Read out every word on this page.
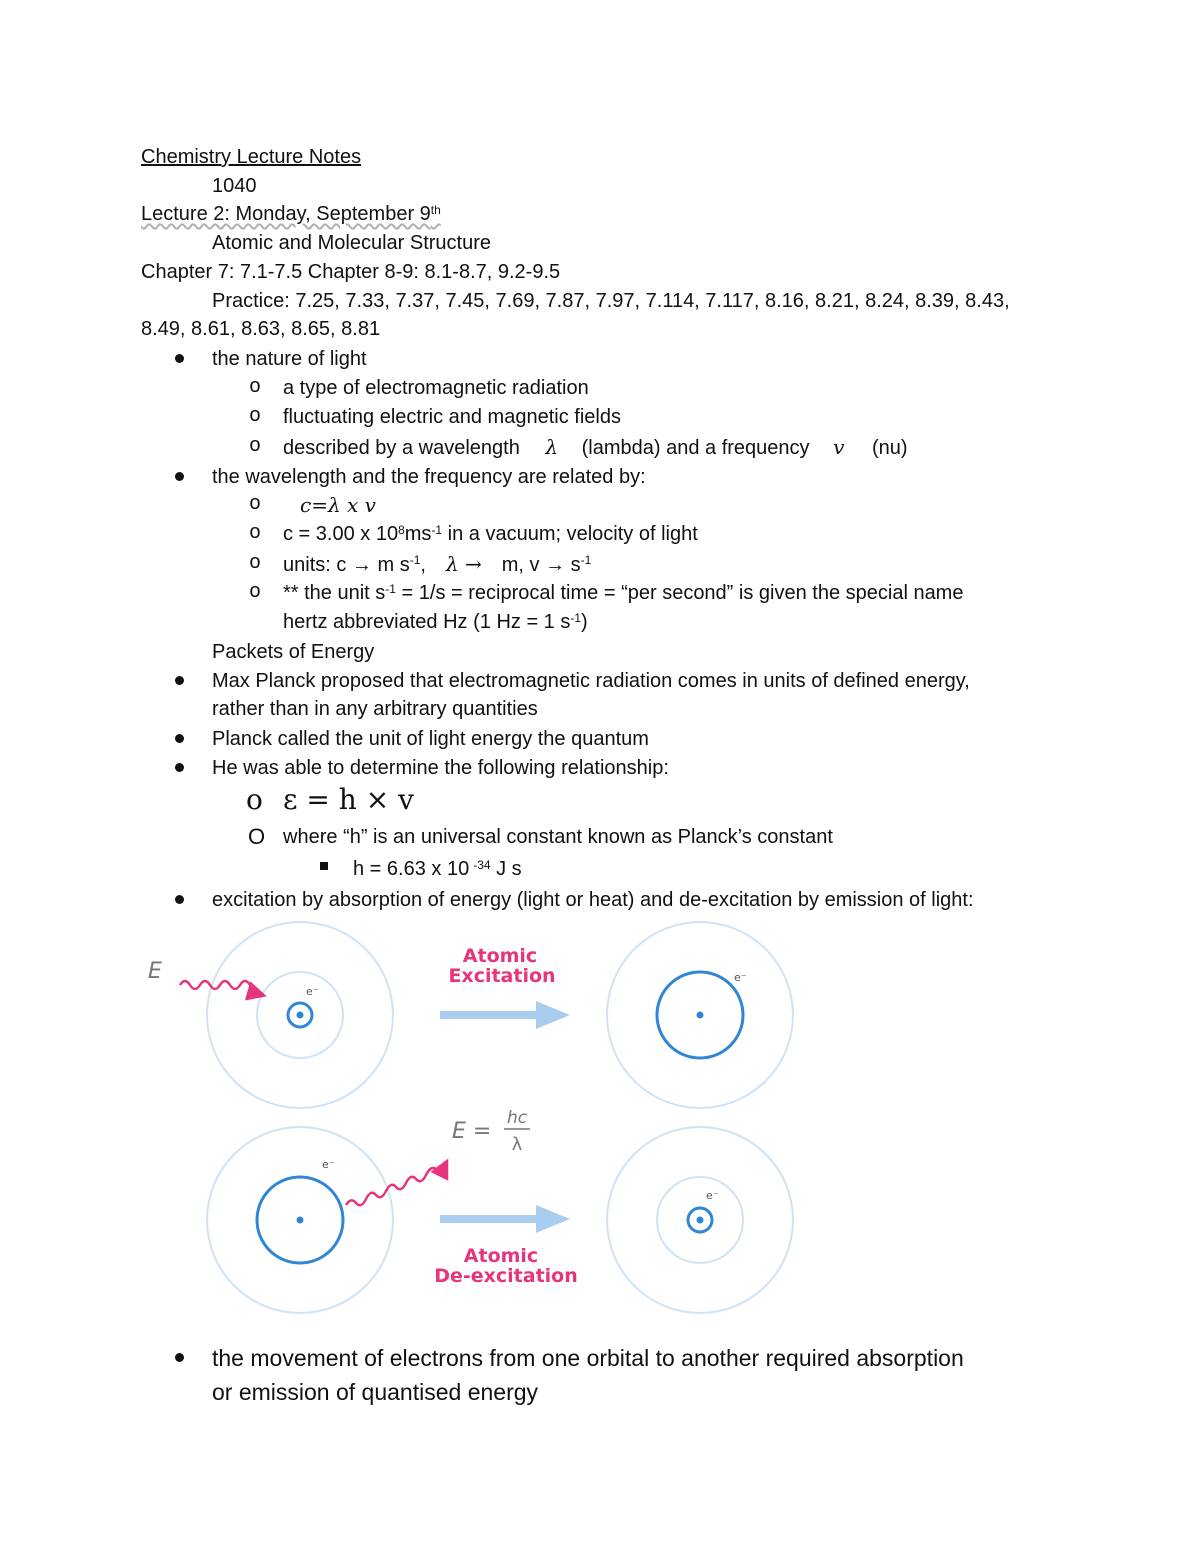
Chemistry Lecture Notes
1040
Lecture 2: Monday, September 9th
Atomic and Molecular Structure
Chapter 7: 7.1-7.5 Chapter 8-9: 8.1-8.7, 9.2-9.5
Practice: 7.25, 7.33, 7.37, 7.45, 7.69, 7.87, 7.97, 7.114, 7.117, 8.16, 8.21, 8.24, 8.39, 8.43,
8.49, 8.61, 8.63, 8.65, 8.81
the nature of light
o a type of electromagnetic radiation
o fluctuating electric and magnetic fields
o described by a wavelength λ (lambda) and a frequency v (nu)
the wavelength and the frequency are related by:
o c=λ x v
o c = 3.00 x $10^8ms^{-1}$ in a vacuum; velocity of light
o units: c → m $s^{-1}$, λ → m, $v \to s^{-1}$
o ** the unit $s^{-1} = 1/s$ = reciprocal time = “per second” is given the special name
hertz abbreviated Hz (1 Hz = 1 $s^{-1}$)
Packets of Energy
Max Planck proposed that electromagnetic radiation comes in units of defined energy,
rather than in any arbitrary quantities
Planck called the unit of light energy the quantum
He was able to determine the following relationship:
o ε = h × v
O where “h” is an universal constant known as Planck’s constant
h = 6.63 x 10 $^{-34}$ J s
excitation by absorption of energy (light or heat) and de-excitation by emission of light:
e⁻
E
Atomic
Excitation	e⁻
e⁻
E =
hc
λ
Atomic
De-excitation
e⁻
the movement of electrons from one orbital to another required absorption
or emission of quantised energy
